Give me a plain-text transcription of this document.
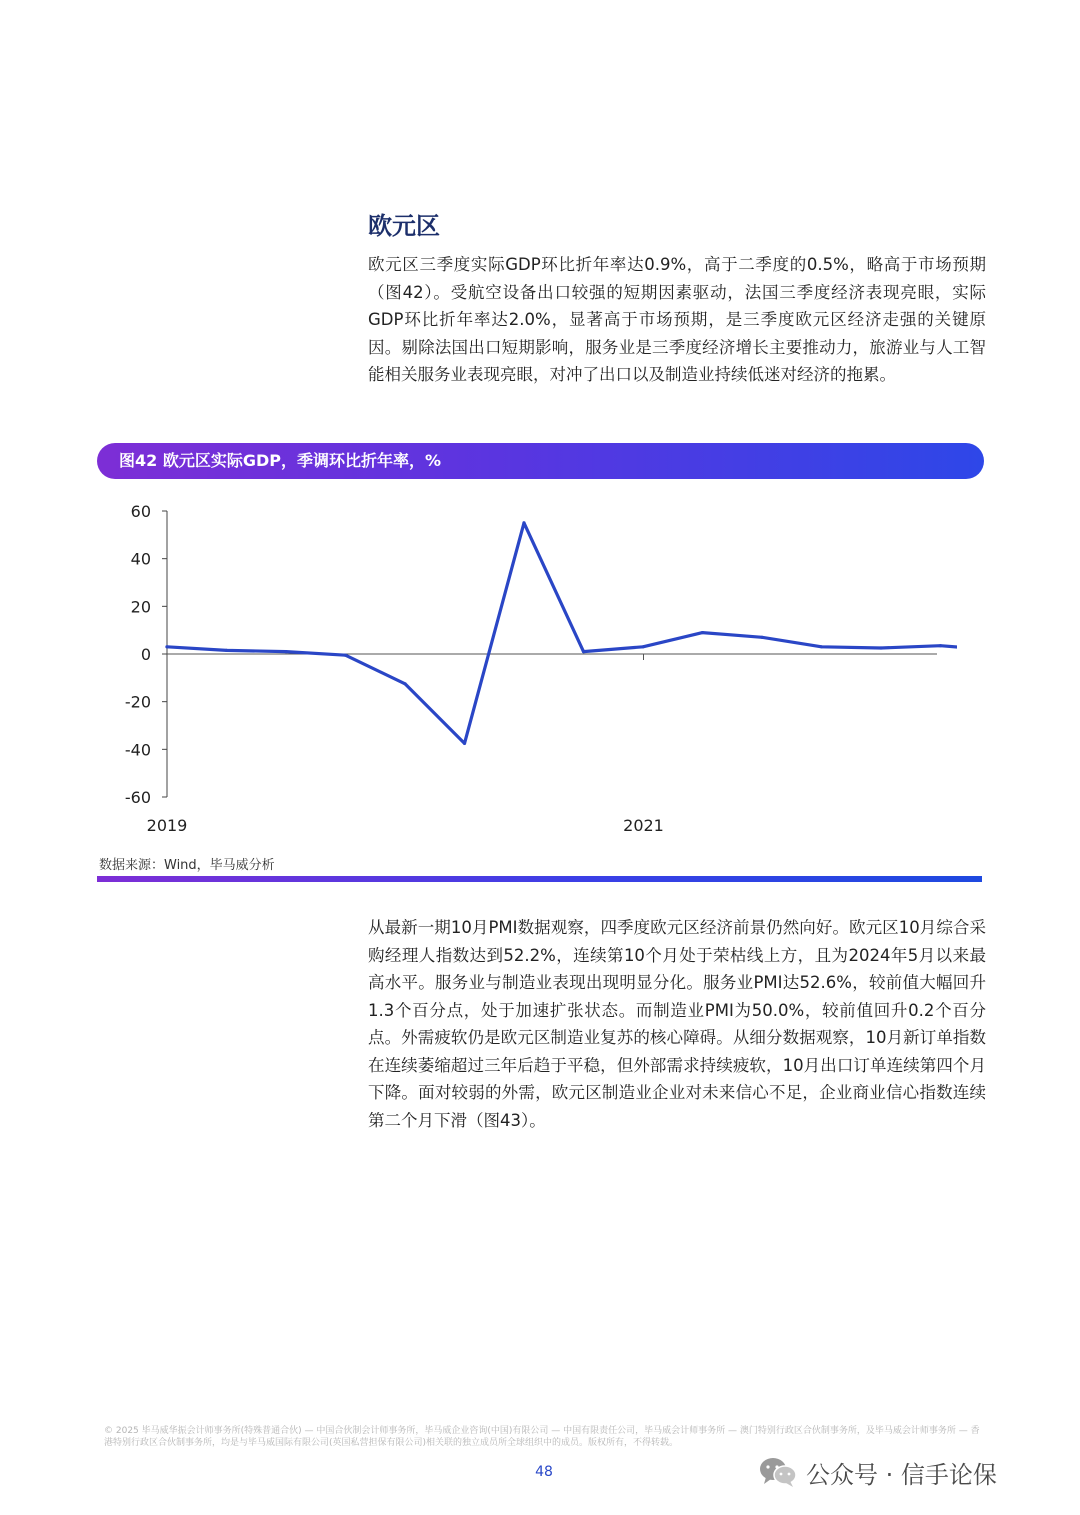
欧元区

欧元区三季度实际GDP环比折年率达0.9%，高于二季度的0.5%，略高于市场预期（图42）。受航空设备出口较强的短期因素驱动，法国三季度经济表现亮眼，实际GDP环比折年率达2.0%，显著高于市场预期，是三季度欧元区经济走强的关键原因。剔除法国出口短期影响，服务业是三季度经济增长主要推动力，旅游业与人工智能相关服务业表现亮眼，对冲了出口以及制造业持续低迷对经济的拖累。

图42 欧元区实际GDP，季调环比折年率，%
60
40
20
0
-20
-40
-60
2019	2021
数据来源：Wind，毕马威分析

从最新一期10月PMI数据观察，四季度欧元区经济前景仍然向好。欧元区10月综合采购经理人指数达到52.2%，连续第10个月处于荣枯线上方，且为2024年5月以来最高水平。服务业与制造业表现出现明显分化。服务业PMI达52.6%，较前值大幅回升1.3个百分点，处于加速扩张状态。而制造业PMI为50.0%，较前值回升0.2个百分点。外需疲软仍是欧元区制造业复苏的核心障碍。从细分数据观察，10月新订单指数在连续萎缩超过三年后趋于平稳，但外部需求持续疲软，10月出口订单连续第四个月下降。面对较弱的外需，欧元区制造业企业对未来信心不足，企业商业信心指数连续第二个月下滑（图43）。

© 2025 毕马威华振会计师事务所(特殊普通合伙) — 中国合伙制会计师事务所，毕马威企业咨询(中国)有限公司 — 中国有限责任公司，毕马威会计师事务所 — 澳门特别行政区合伙制事务所，及毕马威会计师事务所 — 香港特别行政区合伙制事务所，均是与毕马威国际有限公司(英国私营担保有限公司)相关联的独立成员所全球组织中的成员。版权所有，不得转载。
48	公众号 · 信手论保
